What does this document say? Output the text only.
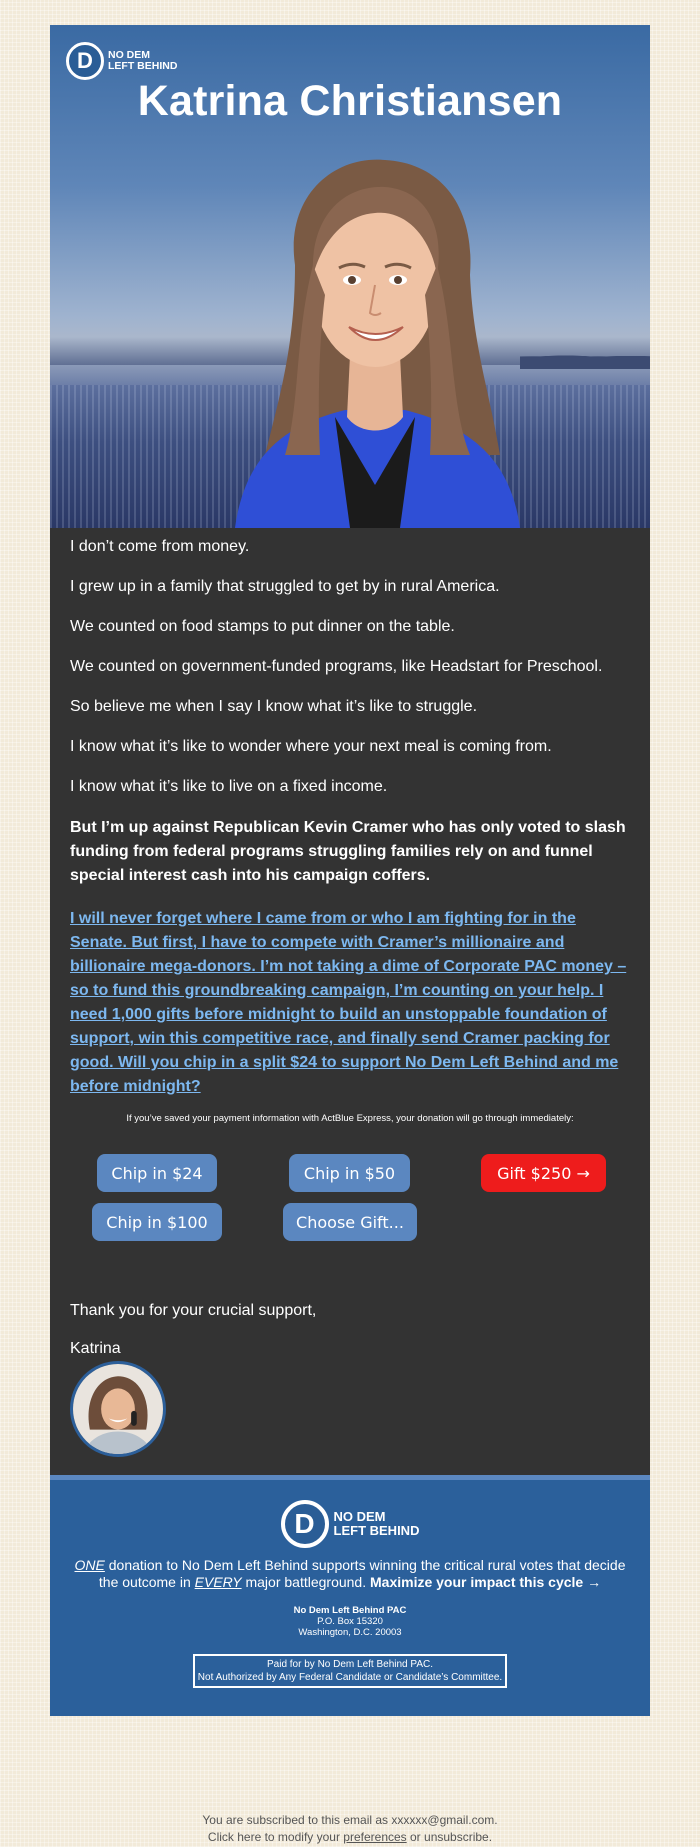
D	NO DEM
LEFT BEHIND
Katrina Christiansen

I don’t come from money.

I grew up in a family that struggled to get by in rural America.

We counted on food stamps to put dinner on the table.

We counted on government-funded programs, like Headstart for Preschool.

So believe me when I say I know what it’s like to struggle.

I know what it’s like to wonder where your next meal is coming from.

I know what it’s like to live on a fixed income.

But I’m up against Republican Kevin Cramer who has only voted to slash funding from federal programs struggling families rely on and funnel special interest cash into his campaign coffers.

I will never forget where I came from or who I am fighting for in the Senate. But first, I have to compete with Cramer’s millionaire and billionaire mega-donors. I’m not taking a dime of Corporate PAC money – so to fund this groundbreaking campaign, I’m counting on your help. I need 1,000 gifts before midnight to build an unstoppable foundation of support, win this competitive race, and finally send Cramer packing for good. Will you chip in a split $24 to support No Dem Left Behind and me before midnight?

If you’ve saved your payment information with ActBlue Express, your donation will go through immediately:

Chip in $24	Chip in $50	Gift $250 →
Chip in $100	Choose Gift...

Thank you for your crucial support,

Katrina

D	NO DEM
LEFT BEHIND
ONE donation to No Dem Left Behind supports winning the critical rural votes that decide the outcome in EVERY major battleground. Maximize your impact this cycle →
No Dem Left Behind PAC
P.O. Box 15320
Washington, D.C. 20003
Paid for by No Dem Left Behind PAC.
Not Authorized by Any Federal Candidate or Candidate’s Committee.
You are subscribed to this email as xxxxxx@gmail.com.
Click here to modify your preferences or unsubscribe.
